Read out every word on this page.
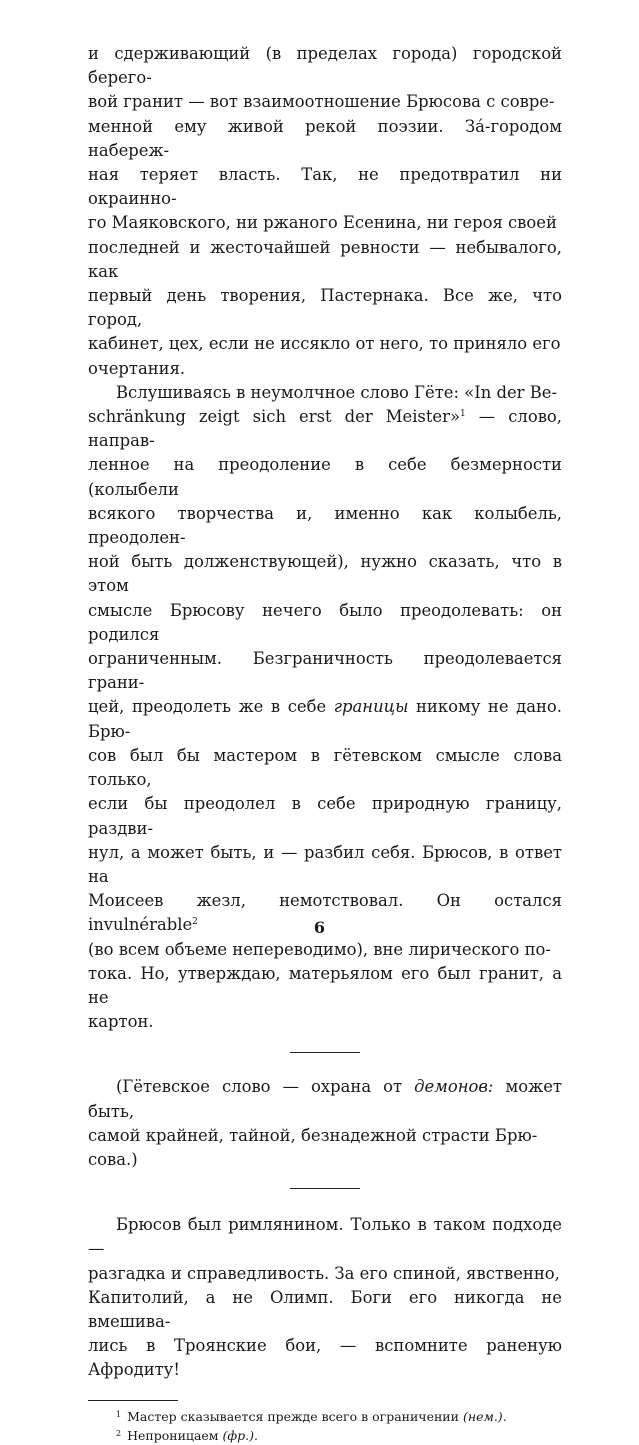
и сдерживающий (в пределах города) городской берего-
вой гранит — вот взаимоотношение Брюсова с совре-
менной ему живой рекой поэзии. За́-городом набереж-
ная теряет власть. Так, не предотвратил ни окраинно-
го Маяковского, ни ржаного Есенина, ни героя своей
последней и жесточайшей ревности — небывалого, как
первый день творения, Пастернака. Все же, что город,
кабинет, цех, если не иссякло от него, то приняло его
очертания.

Вслушиваясь в неумолчное слово Гёте: «In der Be-
schränkung zeigt sich erst der Meister»$^1$ — слово, направ-
ленное на преодоление в себе безмерности (колыбели
всякого творчества и, именно как колыбель, преодолен-
ной быть долженствующей), нужно сказать, что в этом
смысле Брюсову нечего было преодолевать: он родился
ограниченным. Безграничность преодолевается грани-
цей, преодолеть же в себе границы никому не дано. Брю-
сов был бы мастером в гётевском смысле слова только,
если бы преодолел в себе природную границу, раздви-
нул, а может быть, и — разбил себя. Брюсов, в ответ на
Моисеев жезл, немотствовал. Он остался invulnérable$^2$
(во всем объеме непереводимо), вне лирического по-
тока. Но, утверждаю, матерьялом его был гранит, а не
картон.

(Гётевское слово — охрана от демонов: может быть,
самой крайней, тайной, безнадежной страсти Брю-
сова.)

Брюсов был римлянином. Только в таком подходе —
разгадка и справедливость. За его спиной, явственно,
Капитолий, а не Олимп. Боги его никогда не вмешива-
лись в Троянские бои, — вспомните раненую Афродиту!

$^1$ Мастер сказывается прежде всего в ограничении (нем.).

$^2$ Непроницаем (фр.).

6
